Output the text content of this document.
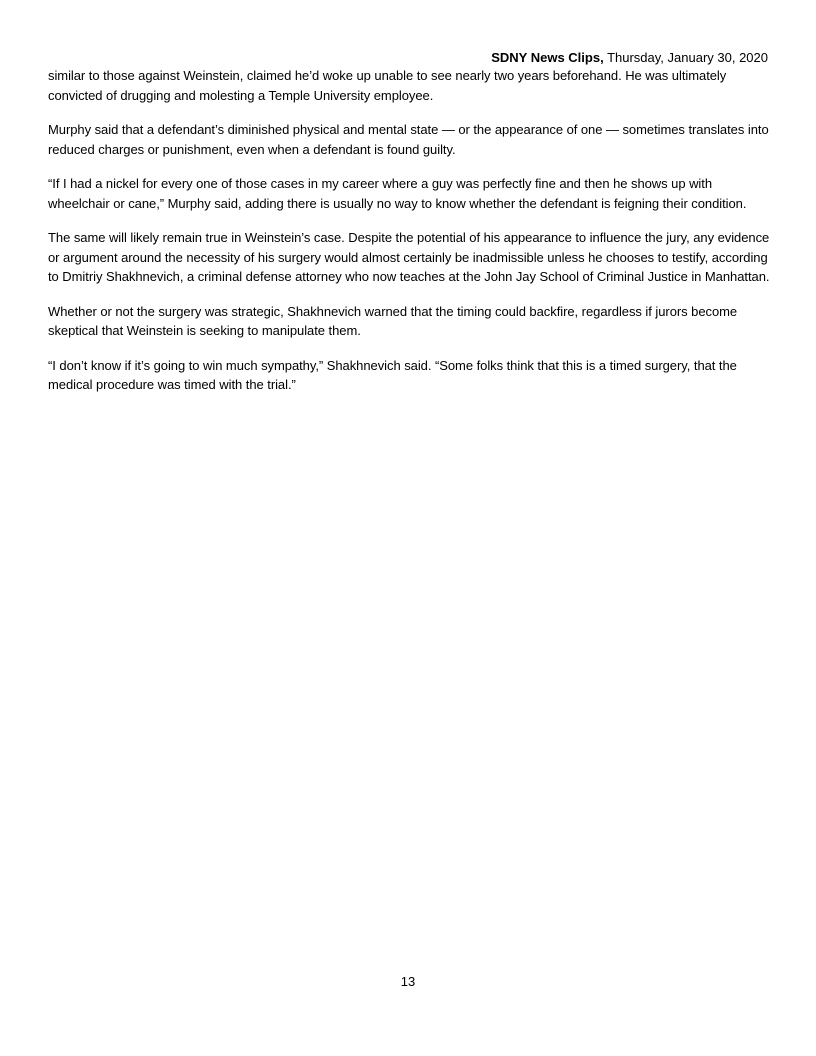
SDNY News Clips, Thursday, January 30, 2020

similar to those against Weinstein, claimed he’d woke up unable to see nearly two years beforehand. He was ultimately convicted of drugging and molesting a Temple University employee.

Murphy said that a defendant’s diminished physical and mental state — or the appearance of one — sometimes translates into reduced charges or punishment, even when a defendant is found guilty.

“If I had a nickel for every one of those cases in my career where a guy was perfectly fine and then he shows up with wheelchair or cane,” Murphy said, adding there is usually no way to know whether the defendant is feigning their condition.

The same will likely remain true in Weinstein’s case. Despite the potential of his appearance to influence the jury, any evidence or argument around the necessity of his surgery would almost certainly be inadmissible unless he chooses to testify, according to Dmitriy Shakhnevich, a criminal defense attorney who now teaches at the John Jay School of Criminal Justice in Manhattan.

Whether or not the surgery was strategic, Shakhnevich warned that the timing could backfire, regardless if jurors become skeptical that Weinstein is seeking to manipulate them.

“I don’t know if it’s going to win much sympathy,” Shakhnevich said. “Some folks think that this is a timed surgery, that the medical procedure was timed with the trial.”

13
